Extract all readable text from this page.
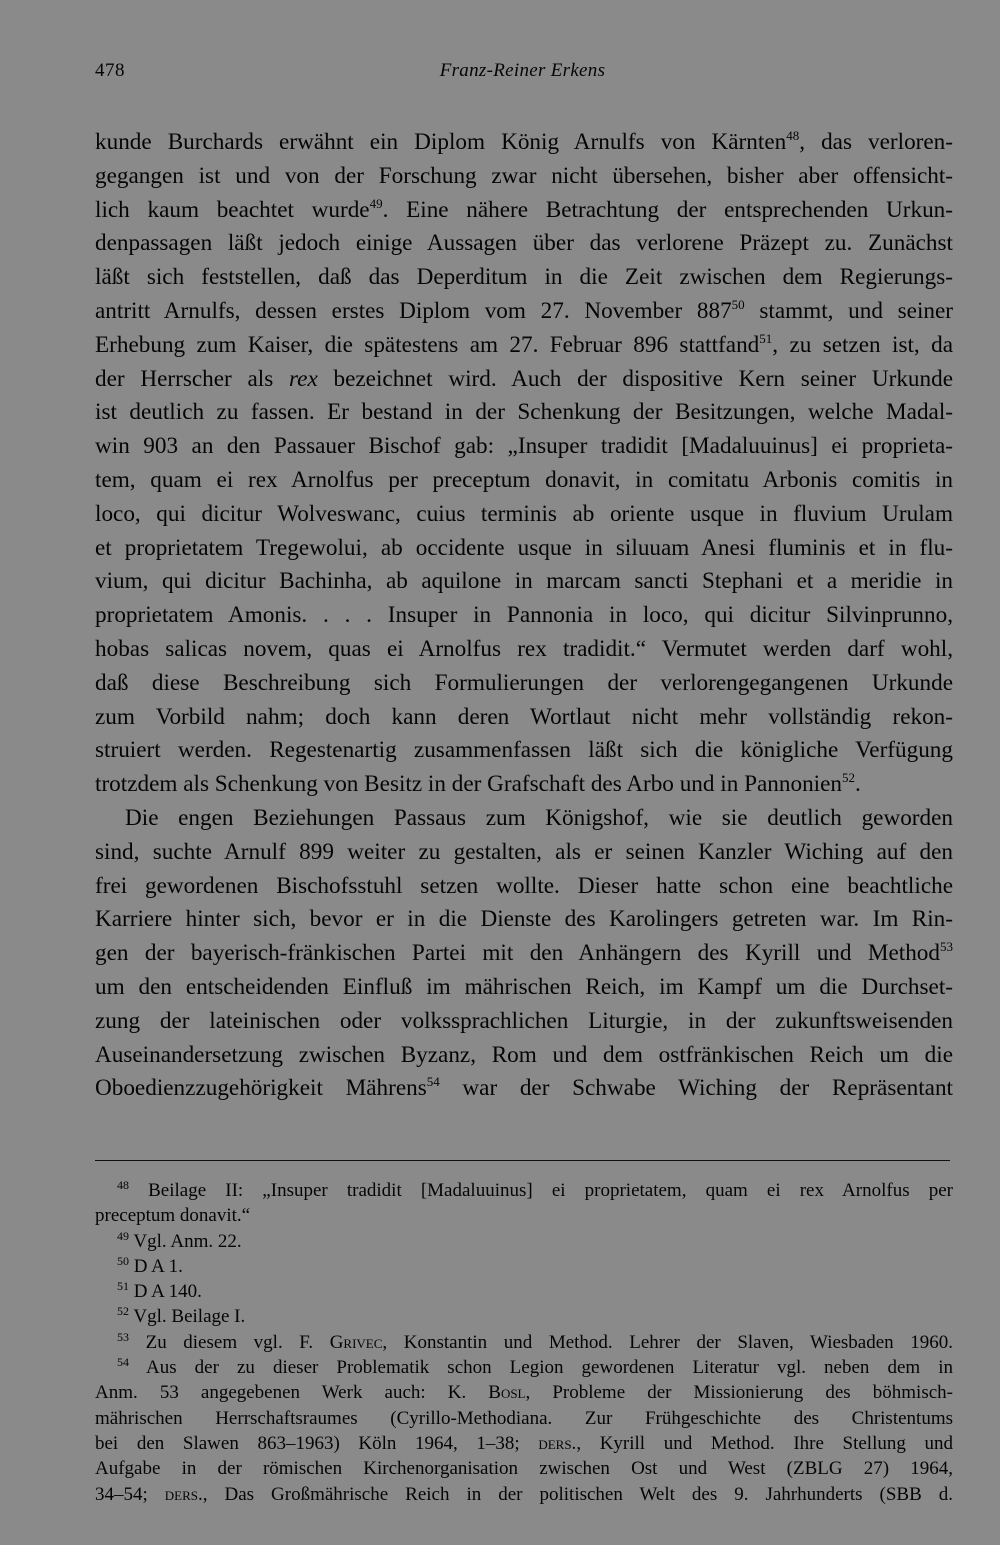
478	Franz-Reiner Erkens
kunde Burchards erwähnt ein Diplom König Arnulfs von Kärnten$^{48}$, das verloren-
gegangen ist und von der Forschung zwar nicht übersehen, bisher aber offensicht-
lich kaum beachtet wurde$^{49}$. Eine nähere Betrachtung der entsprechenden Urkun-
denpassagen läßt jedoch einige Aussagen über das verlorene Präzept zu. Zunächst
läßt sich feststellen, daß das Deperditum in die Zeit zwischen dem Regierungs-
antritt Arnulfs, dessen erstes Diplom vom 27. November $887^{50}$ stammt, und seiner
Erhebung zum Kaiser, die spätestens am 27. Februar 896 stattfand$^{51}$, zu setzen ist, da
der Herrscher als rex bezeichnet wird. Auch der dispositive Kern seiner Urkunde
ist deutlich zu fassen. Er bestand in der Schenkung der Besitzungen, welche Madal-
win 903 an den Passauer Bischof gab: „Insuper tradidit [Madaluuinus] ei proprieta-
tem, quam ei rex Arnolfus per preceptum donavit, in comitatu Arbonis comitis in
loco, qui dicitur Wolveswanc, cuius terminis ab oriente usque in fluvium Urulam
et proprietatem Tregewolui, ab occidente usque in siluuam Anesi fluminis et in flu-
vium, qui dicitur Bachinha, ab aquilone in marcam sancti Stephani et a meridie in
proprietatem Amonis. . . . Insuper in Pannonia in loco, qui dicitur Silvinprunno,
hobas salicas novem, quas ei Arnolfus rex tradidit.“ Vermutet werden darf wohl,
daß diese Beschreibung sich Formulierungen der verlorengegangenen Urkunde
zum Vorbild nahm; doch kann deren Wortlaut nicht mehr vollständig rekon-
struiert werden. Regestenartig zusammenfassen läßt sich die königliche Verfügung
trotzdem als Schenkung von Besitz in der Grafschaft des Arbo und in Pannonien$^{52}$.
Die engen Beziehungen Passaus zum Königshof, wie sie deutlich geworden
sind, suchte Arnulf 899 weiter zu gestalten, als er seinen Kanzler Wiching auf den
frei gewordenen Bischofsstuhl setzen wollte. Dieser hatte schon eine beachtliche
Karriere hinter sich, bevor er in die Dienste des Karolingers getreten war. Im Rin-
gen der bayerisch-fränkischen Partei mit den Anhängern des Kyrill und Method$^{53}$
um den entscheidenden Einfluß im mährischen Reich, im Kampf um die Durchset-
zung der lateinischen oder volkssprachlichen Liturgie, in der zukunftsweisenden
Auseinandersetzung zwischen Byzanz, Rom und dem ostfränkischen Reich um die
Oboedienzzugehörigkeit Mährens$^{54}$ war der Schwabe Wiching der Repräsentant
$^{48}$ Beilage II: „Insuper tradidit [Madaluuinus] ei proprietatem, quam ei rex Arnolfus per
preceptum donavit.“
$^{49}$ Vgl. Anm. 22.
$^{50}$ D A 1.
$^{51}$ D A 140.
$^{52}$ Vgl. Beilage I.
$^{53}$ Zu diesem vgl. F. Grivec, Konstantin und Method. Lehrer der Slaven, Wiesbaden 1960.
$^{54}$ Aus der zu dieser Problematik schon Legion gewordenen Literatur vgl. neben dem in
Anm. 53 angegebenen Werk auch: K. Bosl, Probleme der Missionierung des böhmisch-
mährischen Herrschaftsraumes (Cyrillo-Methodiana. Zur Frühgeschichte des Christentums
bei den Slawen 863–1963) Köln 1964, 1–38; ders., Kyrill und Method. Ihre Stellung und
Aufgabe in der römischen Kirchenorganisation zwischen Ost und West (ZBLG 27) 1964,
34–54; ders., Das Großmährische Reich in der politischen Welt des 9. Jahrhunderts (SBB d.
